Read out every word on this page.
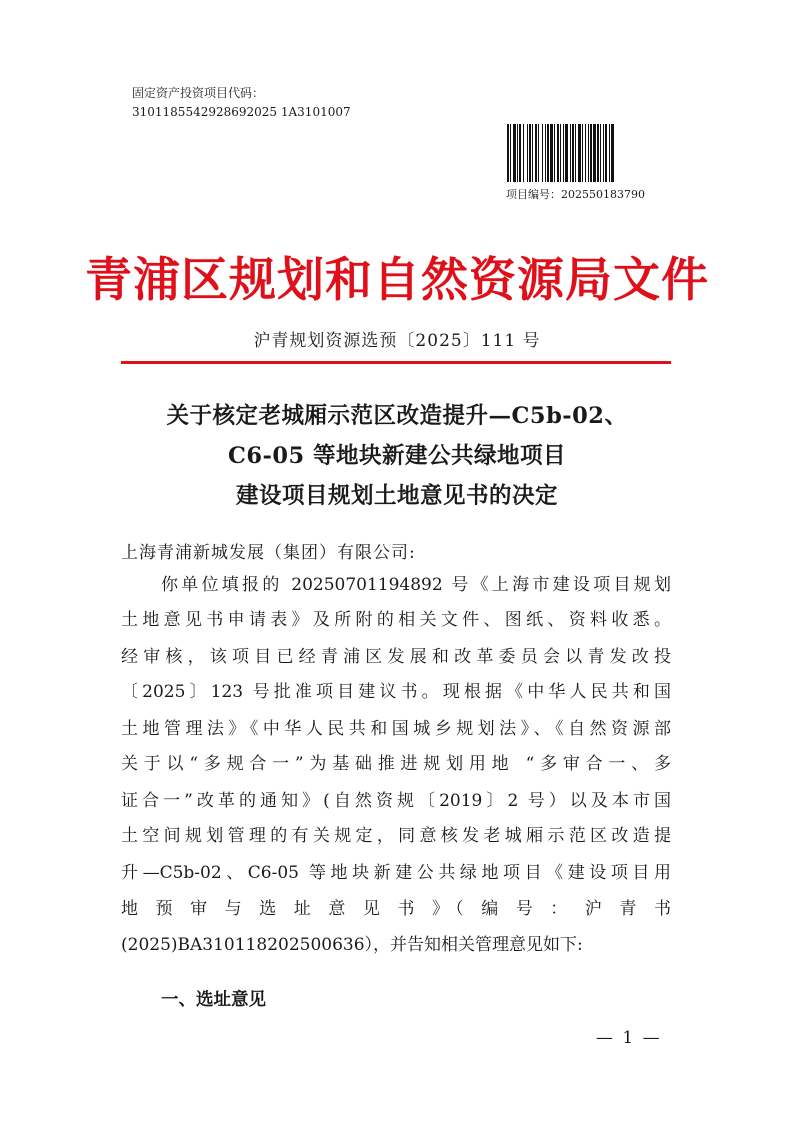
固定资产投资项目代码：
3101185542928692025 1A3101007
项目编号：202550183790
青浦区规划和自然资源局文件
沪青规划资源选预〔2025〕111 号
关于核定老城厢示范区改造提升—C5b-02、
C6-05 等地块新建公共绿地项目
建设项目规划土地意见书的决定
上海青浦新城发展（集团）有限公司:
你单位填报的 20250701194892 号《上海市建设项目规划
土地意见书申请表》及所附的相关文件、图纸、资料收悉。
经审核，该项目已经青浦区发展和改革委员会以青发改投
〔2025〕123 号批准项目建议书。现根据《中华人民共和国
土地管理法》《中华人民共和国城乡规划法》、《自然资源部
关于以“多规合一”为基础推进规划用地 “多审合一、多
证合一”改革的通知》(自然资规〔2019〕2 号）以及本市国
土空间规划管理的有关规定，同意核发老城厢示范区改造提
升—C5b-02、C6-05 等地块新建公共绿地项目《建设项目用
地 预 审 与 选 址 意 见 书 》（ 编 号 ： 沪 青 书
(2025)BA310118202500636），并告知相关管理意见如下:
一、选址意见
— 1 —
